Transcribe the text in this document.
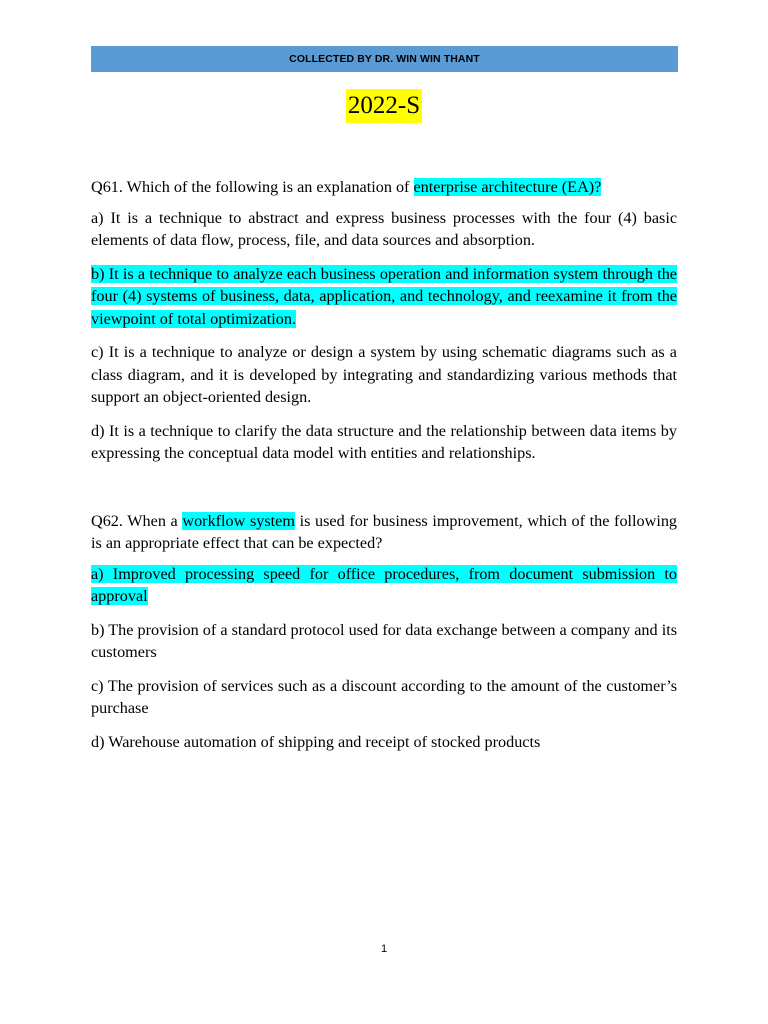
COLLECTED BY DR. WIN WIN THANT
2022-S

Q61. Which of the following is an explanation of enterprise architecture (EA)?

a) It is a technique to abstract and express business processes with the four (4) basic elements of data flow, process, file, and data sources and absorption.

b) It is a technique to analyze each business operation and information system through the four (4) systems of business, data, application, and technology, and reexamine it from the viewpoint of total optimization.

c) It is a technique to analyze or design a system by using schematic diagrams such as a class diagram, and it is developed by integrating and standardizing various methods that support an object-oriented design.

d) It is a technique to clarify the data structure and the relationship between data items by expressing the conceptual data model with entities and relationships.

Q62. When a workflow system is used for business improvement, which of the following is an appropriate effect that can be expected?

a) Improved processing speed for office procedures, from document submission to approval

b) The provision of a standard protocol used for data exchange between a company and its customers

c) The provision of services such as a discount according to the amount of the customer’s purchase

d) Warehouse automation of shipping and receipt of stocked products

1
